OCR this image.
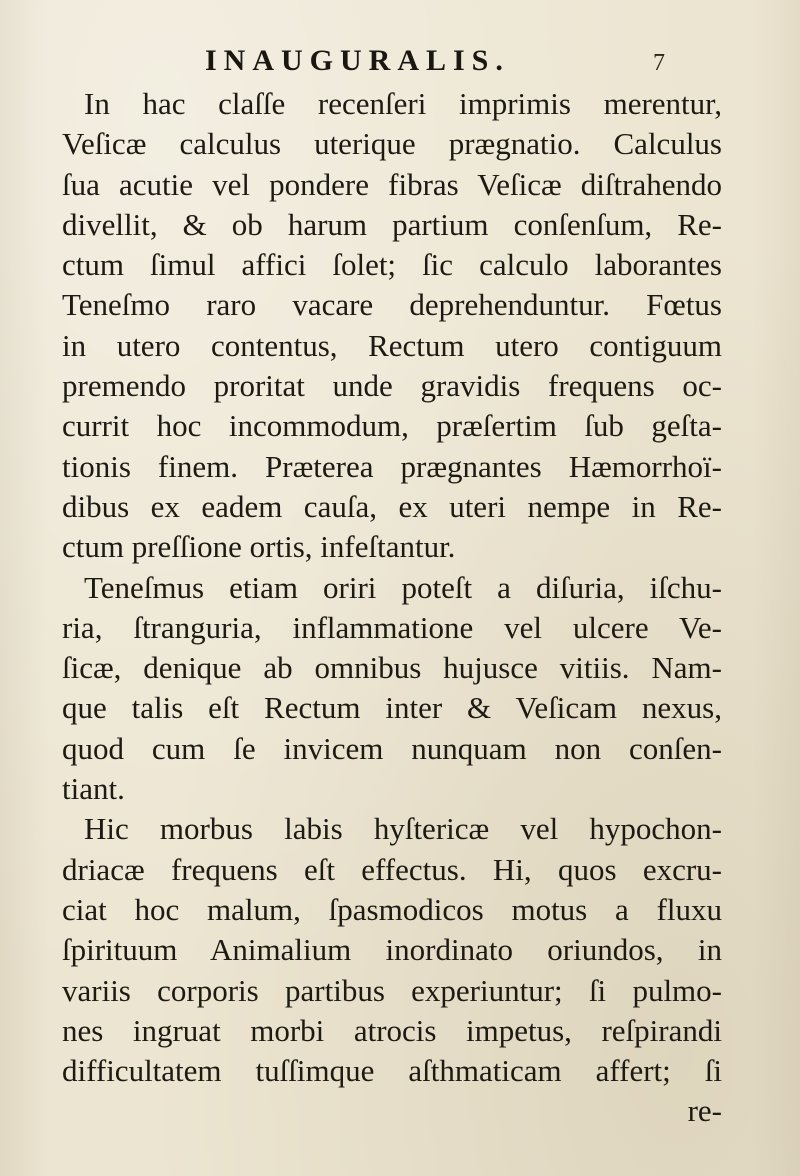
INAUGURALIS.	7
In hac claſſe recenſeri imprimis merentur,
Veſicæ calculus uterique prægnatio. Calculus
ſua acutie vel pondere fibras Veſicæ diſtrahendo
divellit, & ob harum partium conſenſum, Re-
ctum ſimul affici ſolet; ſic calculo laborantes
Teneſmo raro vacare deprehenduntur. Fœtus
in utero contentus, Rectum utero contiguum
premendo proritat unde gravidis frequens oc-
currit hoc incommodum, præſertim ſub geſta-
tionis finem. Præterea prægnantes Hæmorrhoï-
dibus ex eadem cauſa, ex uteri nempe in Re-
ctum preſſione ortis, infeſtantur.
Teneſmus etiam oriri poteſt a diſuria, iſchu-
ria, ſtranguria, inflammatione vel ulcere Ve-
ſicæ, denique ab omnibus hujusce vitiis. Nam-
que talis eſt Rectum inter & Veſicam nexus,
quod cum ſe invicem nunquam non conſen-
tiant.
Hic morbus labis hyſtericæ vel hypochon-
driacæ frequens eſt effectus. Hi, quos excru-
ciat hoc malum, ſpasmodicos motus a fluxu
ſpirituum Animalium inordinato oriundos, in
variis corporis partibus experiuntur; ſi pulmo-
nes ingruat morbi atrocis impetus, reſpirandi
difficultatem tuſſimque aſthmaticam affert; ſi
re-
